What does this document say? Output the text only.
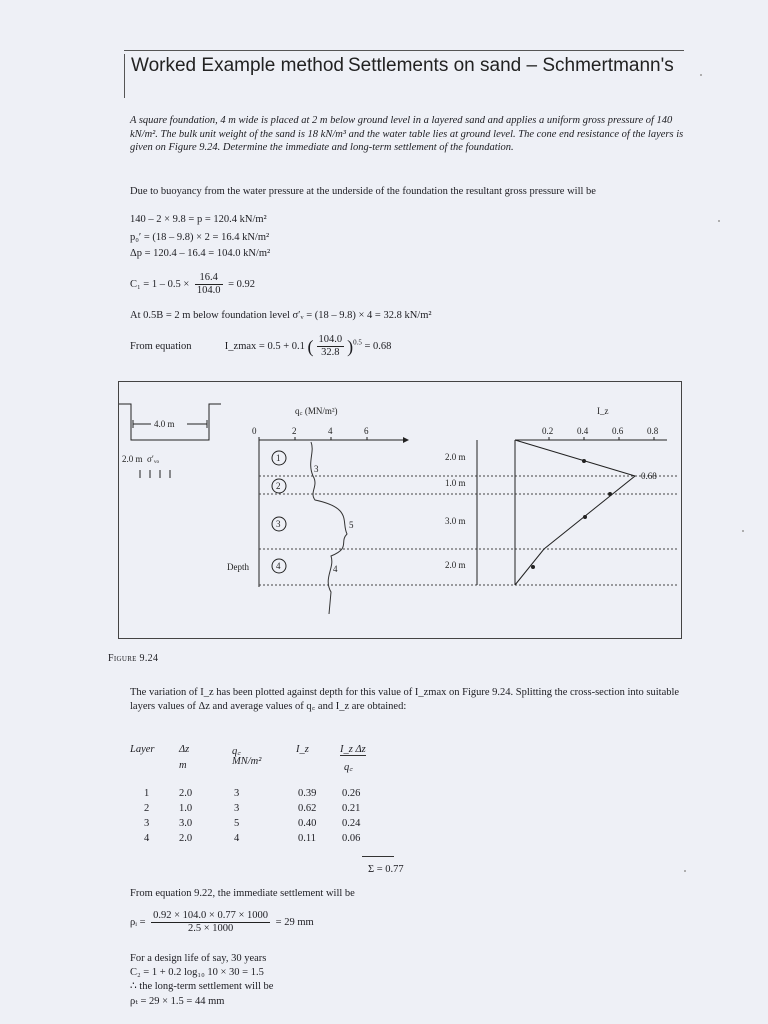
Worked Example method Settlements on sand – Schmertmann's
A square foundation, 4 m wide is placed at 2 m below ground level in a layered sand and applies a uniform gross pressure of 140 kN/m². The bulk unit weight of the sand is 18 kN/m³ and the water table lies at ground level. The cone end resistance of the layers is given on Figure 9.24. Determine the immediate and long-term settlement of the foundation.
Due to buoyancy from the water pressure at the underside of the foundation the resultant gross pressure will be
140 – 2 × 9.8 = p = 120.4 kN/m²
p₀′ = (18 – 9.8) × 2 = 16.4 kN/m²
Δp = 120.4 – 16.4 = 104.0 kN/m²
$C_1 = 1 - 0.5 \times \frac{16.4}{104.0} = 0.92$
At 0.5B = 2 m below foundation level σ′ᵥ = (18 – 9.8) × 4 = 32.8 kN/m²
From equation	I_zmax = 0.5 + 0.1 ( $\frac{104.0}{32.8} )^{0.5} = 0.68$
4.0 m
2.0 m σ′ᵥₒ
q꜀ (MN/m²)
0	2	4	6
1
2
3
4
Depth
3
5
4
2.0 m
1.0 m
3.0 m
2.0 m
I_z
0.2	0.4	0.6	0.8
0.68
Figure 9.24
The variation of I_z has been plotted against depth for this value of I_zmax on Figure 9.24. Splitting the cross-section into suitable layers values of Δz and average values of q꜀ and I_z are obtained:
Layer Δz
m
q꜀
MN/m²
I_z	I_z Δz
q꜀
1	2.0	3	0.39 0.26
2	1.0	3	0.62 0.21
3	3.0	5	0.40 0.24
4	2.0	4	0.11 0.06
Σ = 0.77
From equation 9.22, the immediate settlement will be
ρᵢ = $\frac{0.92 \times 104.0 \times 0.77 \times 1000}{2.5 \times 1000} = 29$ mm
For a design life of say, 30 years
C₂ = 1 + 0.2 log₁₀ 10 × 30 = 1.5
∴ the long-term settlement will be
ρₜ = 29 × 1.5 = 44 mm
